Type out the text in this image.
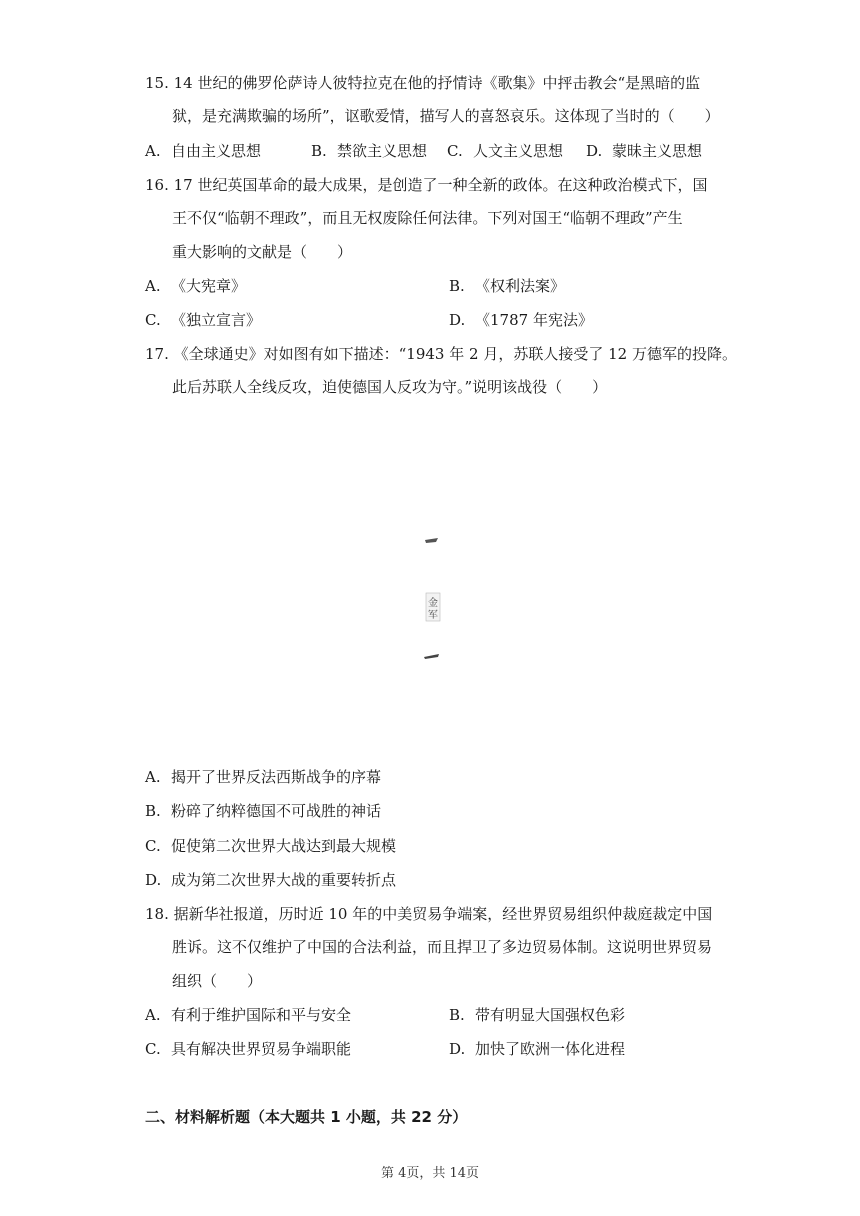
15. 14 世纪的佛罗伦萨诗人彼特拉克在他的抒情诗《歌集》中抨击教会“是黑暗的监
狱，是充满欺骗的场所”，讴歌爱情，描写人的喜怒哀乐。这体现了当时的（　　）
A. 自由主义思想	B. 禁欲主义思想 C. 人文主义思想 D. 蒙昧主义思想
16. 17 世纪英国革命的最大成果，是创造了一种全新的政体。在这种政治模式下，国
王不仅“临朝不理政”，而且无权废除任何法律。下列对国王“临朝不理政”产生
重大影响的文献是（　　）
A. 《大宪章》	B. 《权利法案》
C. 《独立宣言》	D. 《1787 年宪法》
17. 《全球通史》对如图有如下描述：“1943 年 2 月，苏联人接受了 12 万德军的投降。
此后苏联人全线反攻，迫使德国人反攻为守。”说明该战役（　　）
金
军
A. 揭开了世界反法西斯战争的序幕
B. 粉碎了纳粹德国不可战胜的神话
C. 促使第二次世界大战达到最大规模
D. 成为第二次世界大战的重要转折点
18. 据新华社报道，历时近 10 年的中美贸易争端案，经世界贸易组织仲裁庭裁定中国
胜诉。这不仅维护了中国的合法利益，而且捍卫了多边贸易体制。这说明世界贸易
组织（　　）
A. 有利于维护国际和平与安全	B. 带有明显大国强权色彩
C. 具有解决世界贸易争端职能	D. 加快了欧洲一体化进程
二、材料解析题（本大题共 1 小题，共 22 分）
第 4页，共 14页
